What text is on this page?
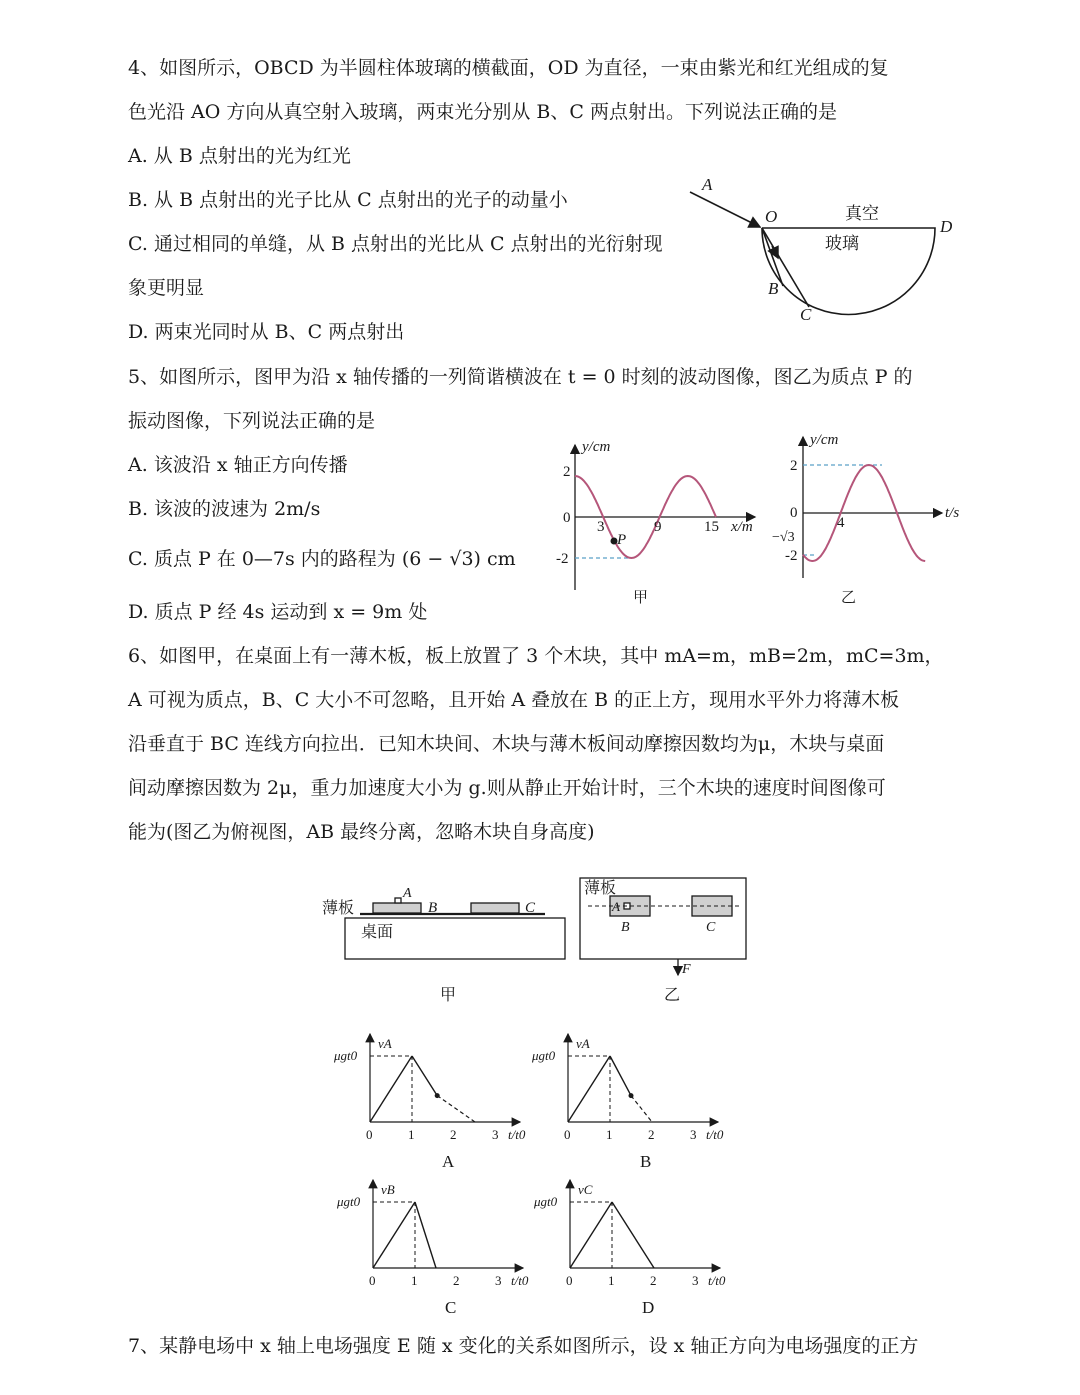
4、如图所示，OBCD 为半圆柱体玻璃的横截面，OD 为直径，一束由紫光和红光组成的复
色光沿 AO 方向从真空射入玻璃，两束光分别从 B、C 两点射出。下列说法正确的是
A. 从 B 点射出的光为红光
B. 从 B 点射出的光子比从 C 点射出的光子的动量小
C. 通过相同的单缝，从 B 点射出的光比从 C 点射出的光衍射现
象更明显
D. 两束光同时从 B、C 两点射出
5、如图所示，图甲为沿 x 轴传播的一列简谐横波在 t = 0 时刻的波动图像，图乙为质点 P 的
振动图像，下列说法正确的是
A. 该波沿 x 轴正方向传播
B. 该波的波速为 2m/s
C. 质点 P 在 0—7s 内的路程为 (6 − √3) cm
D. 质点 P 经 4s 运动到 x = 9m 处
6、如图甲，在桌面上有一薄木板，板上放置了 3 个木块，其中 mA=m，mB=2m，mC=3m，
A 可视为质点，B、C 大小不可忽略，且开始 A 叠放在 B 的正上方，现用水平外力将薄木板
沿垂直于 BC 连线方向拉出．已知木块间、木块与薄木板间动摩擦因数均为μ，木块与桌面
间动摩擦因数为 2μ，重力加速度大小为 g.则从静止开始计时，三个木块的速度时间图像可
能为(图乙为俯视图，AB 最终分离，忽略木块自身高度)
7、某静电场中 x 轴上电场强度 E 随 x 变化的关系如图所示，设 x 轴正方向为电场强度的正方
A
O
D
B
C
真空
玻璃
y/cm
x/m
2
-2
0
3	9	15
P
甲
y/cm
t/s
2
0
−√3
-2
4
乙
薄板
桌面
A
B	C
甲
薄板
A
B	C
F
乙
μgt0
vA
0	1	2	3 t/t0
A
μgt0
vA
0	1	2	3 t/t0
B
μgt0
vB
0	1	2	3 t/t0
C
μgt0
vC
0	1	2	3 t/t0
D
